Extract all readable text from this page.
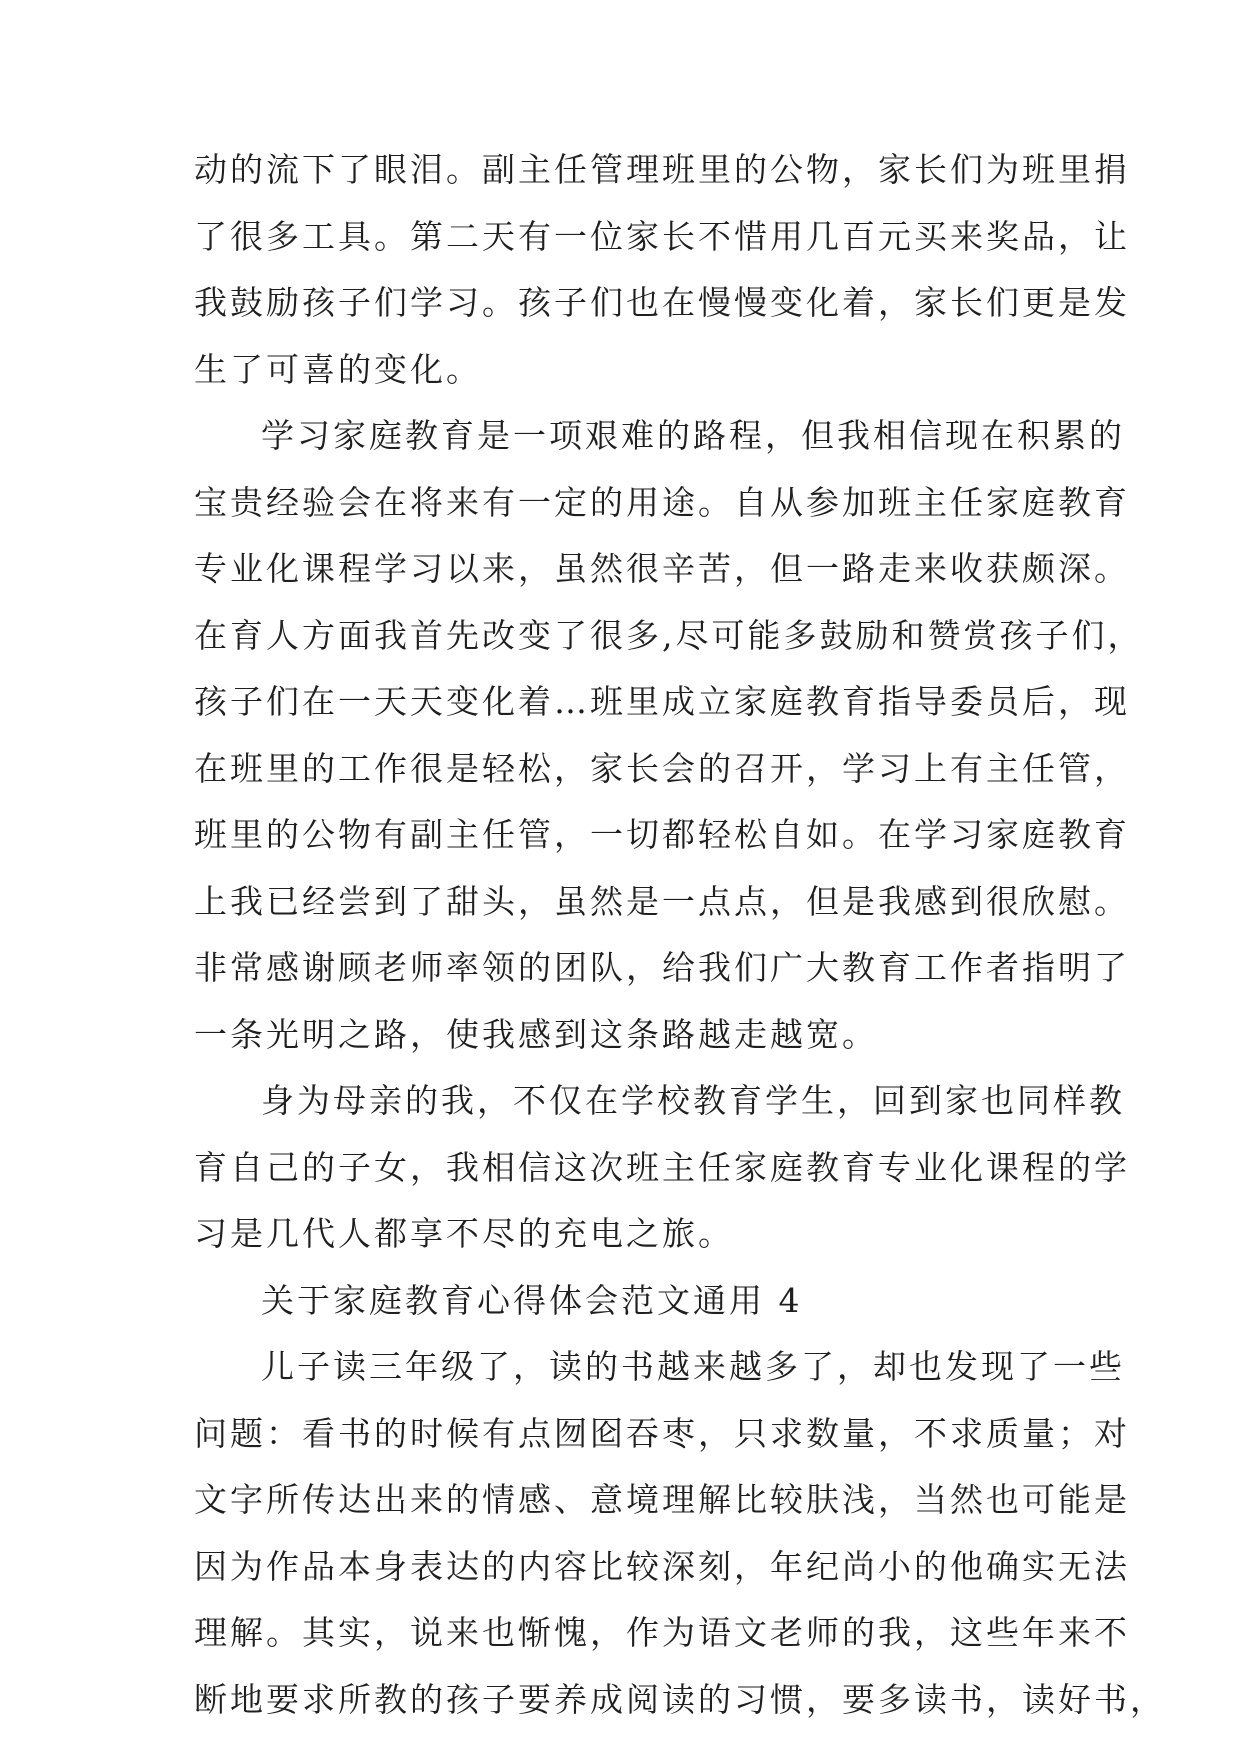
动的流下了眼泪。副主任管理班里的公物，家长们为班里捐
了很多工具。第二天有一位家长不惜用几百元买来奖品，让
我鼓励孩子们学习。孩子们也在慢慢变化着，家长们更是发
生了可喜的变化。
学习家庭教育是一项艰难的路程，但我相信现在积累的
宝贵经验会在将来有一定的用途。自从参加班主任家庭教育
专业化课程学习以来，虽然很辛苦，但一路走来收获颇深。
在育人方面我首先改变了很多,尽可能多鼓励和赞赏孩子们，
孩子们在一天天变化着…班里成立家庭教育指导委员后，现
在班里的工作很是轻松，家长会的召开，学习上有主任管，
班里的公物有副主任管，一切都轻松自如。在学习家庭教育
上我已经尝到了甜头，虽然是一点点，但是我感到很欣慰。
非常感谢顾老师率领的团队，给我们广大教育工作者指明了
一条光明之路，使我感到这条路越走越宽。
身为母亲的我，不仅在学校教育学生，回到家也同样教
育自己的子女，我相信这次班主任家庭教育专业化课程的学
习是几代人都享不尽的充电之旅。
关于家庭教育心得体会范文通用 4
儿子读三年级了，读的书越来越多了，却也发现了一些
问题：看书的时候有点囫囵吞枣，只求数量，不求质量；对
文字所传达出来的情感、意境理解比较肤浅，当然也可能是
因为作品本身表达的内容比较深刻，年纪尚小的他确实无法
理解。其实，说来也惭愧，作为语文老师的我，这些年来不
断地要求所教的孩子要养成阅读的习惯，要多读书，读好书，
